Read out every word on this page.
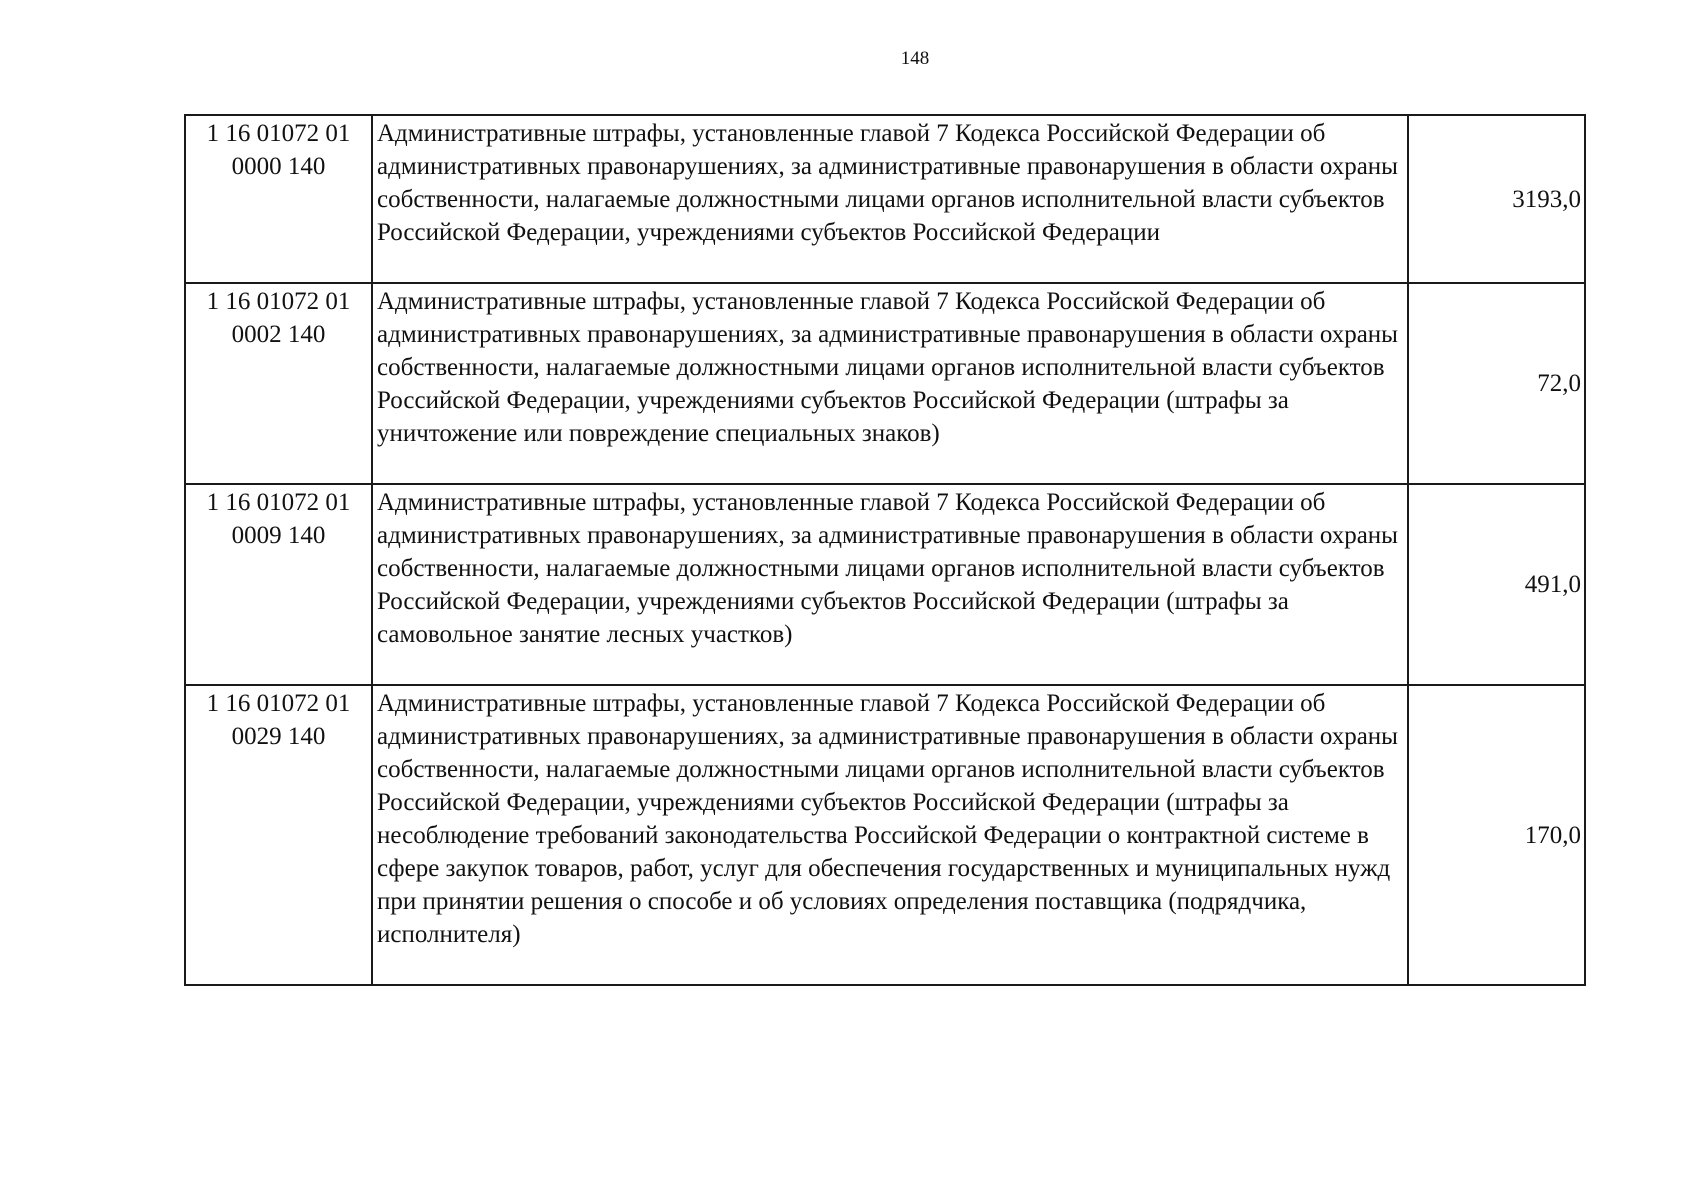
148
1 16 01072 01
0000 140	Административные штрафы, установленные главой 7 Кодекса Российской Федерации об административных правонарушениях, за административные правонарушения в области охраны собственности, налагаемые должностными лицами органов исполнительной власти субъектов Российской Федерации, учреждениями субъектов Российской Федерации	3193,0

1 16 01072 01
0002 140	Административные штрафы, установленные главой 7 Кодекса Российской Федерации об административных правонарушениях, за административные правонарушения в области охраны собственности, налагаемые должностными лицами органов исполнительной власти субъектов Российской Федерации, учреждениями субъектов Российской Федерации (штрафы за уничтожение или повреждение специальных знаков)	72,0

1 16 01072 01
0009 140	Административные штрафы, установленные главой 7 Кодекса Российской Федерации об административных правонарушениях, за административные правонарушения в области охраны собственности, налагаемые должностными лицами органов исполнительной власти субъектов Российской Федерации, учреждениями субъектов Российской Федерации (штрафы за самовольное занятие лесных участков)	491,0

1 16 01072 01
0029 140	Административные штрафы, установленные главой 7 Кодекса Российской Федерации об административных правонарушениях, за административные правонарушения в области охраны собственности, налагаемые должностными лицами органов исполнительной власти субъектов Российской Федерации, учреждениями субъектов Российской Федерации (штрафы за несоблюдение требований законодательства Российской Федерации о контрактной системе в сфере закупок товаров, работ, услуг для обеспечения государственных и муниципальных нужд при принятии решения о способе и об условиях определения поставщика (подрядчика, исполнителя)	170,0
